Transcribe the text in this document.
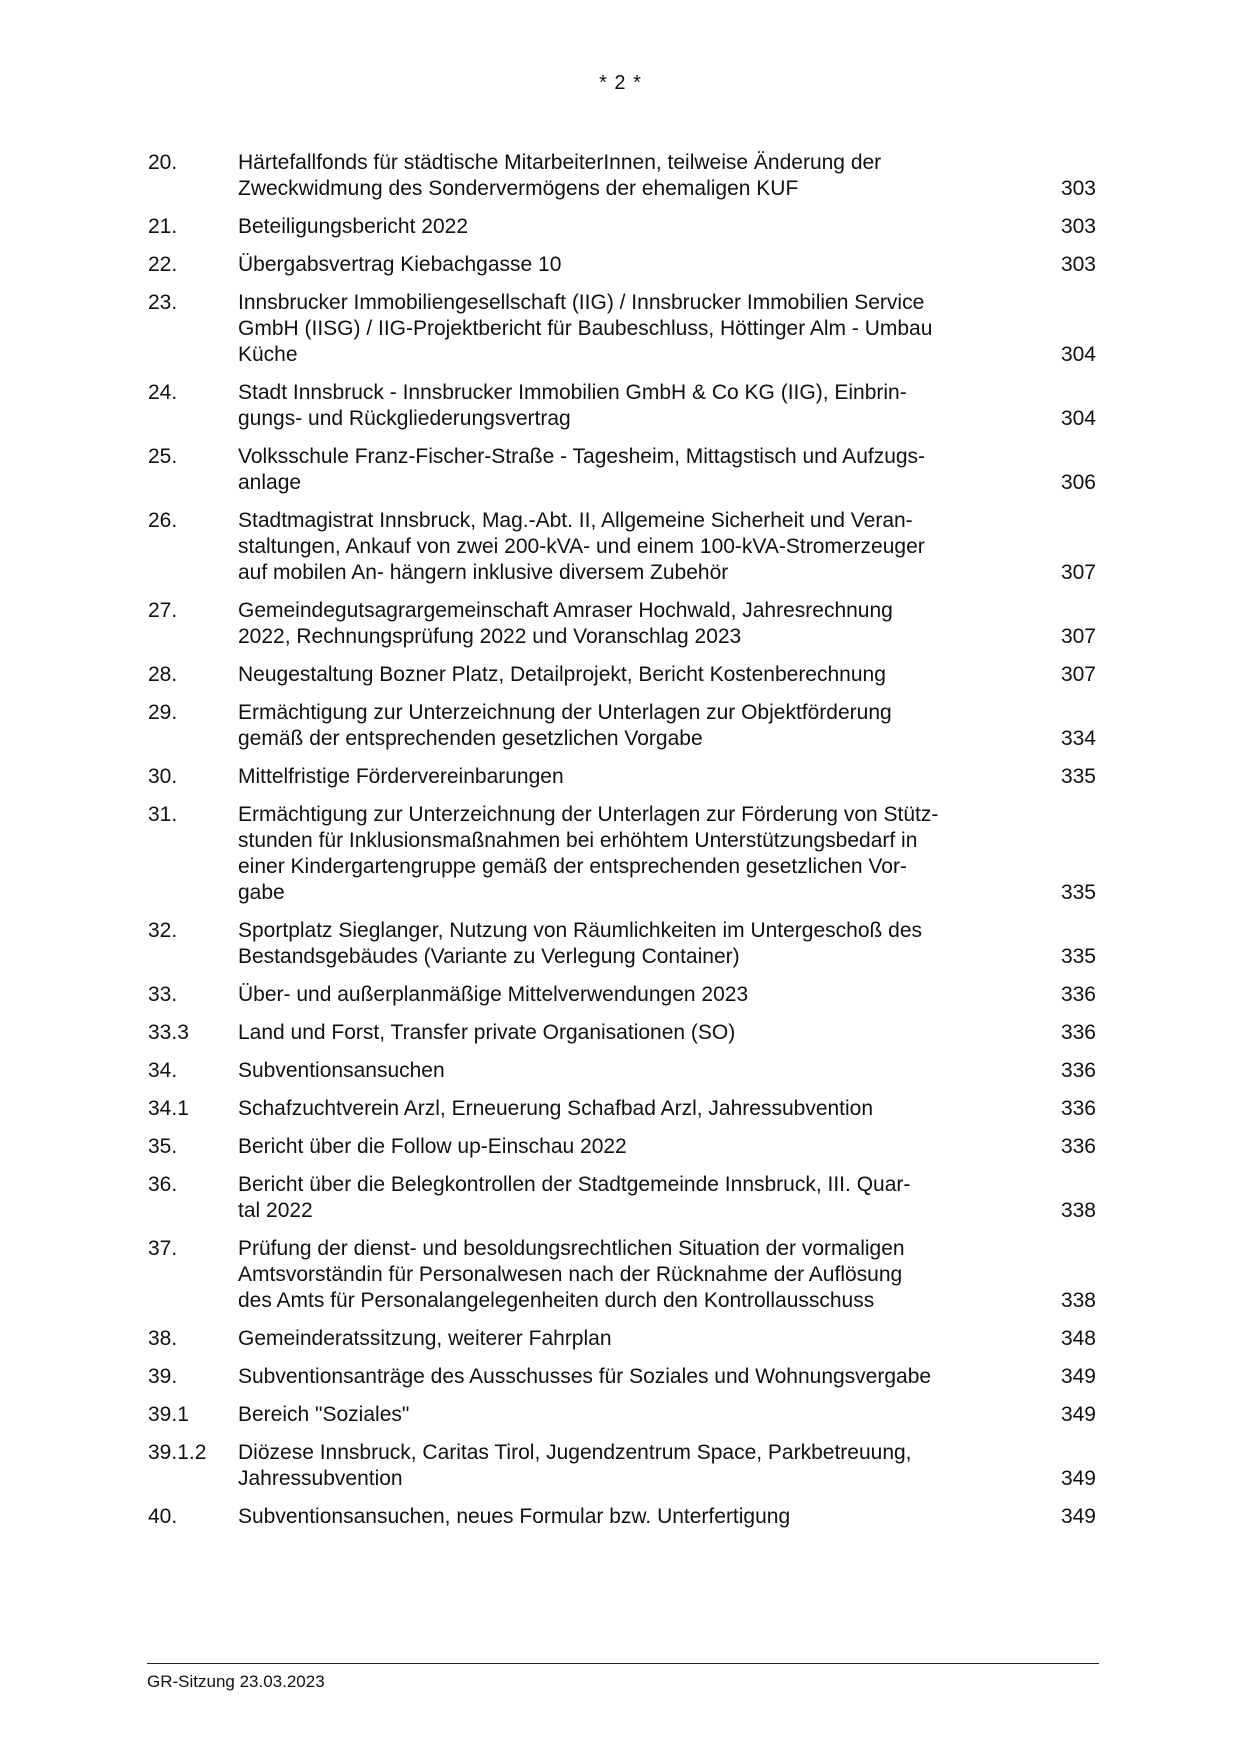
* 2 *
20.	Härtefallfonds für städtische MitarbeiterInnen, teilweise Änderung der
Zweckwidmung des Sondervermögens der ehemaligen KUF	303
21.	Beteiligungsbericht 2022	303
22.	Übergabsvertrag Kiebachgasse 10	303
23.	Innsbrucker Immobiliengesellschaft (IIG) / Innsbrucker Immobilien Service
GmbH (IISG) / IIG-Projektbericht für Baubeschluss, Höttinger Alm - Umbau
Küche	304
24.	Stadt Innsbruck - Innsbrucker Immobilien GmbH & Co KG (IIG), Einbrin-
gungs- und Rückgliederungsvertrag	304
25.	Volksschule Franz-Fischer-Straße - Tagesheim, Mittagstisch und Aufzugs-
anlage	306
26.	Stadtmagistrat Innsbruck, Mag.-Abt. II, Allgemeine Sicherheit und Veran-
staltungen, Ankauf von zwei 200-kVA- und einem 100-kVA-Stromerzeuger
auf mobilen An- hängern inklusive diversem Zubehör	307
27.	Gemeindegutsagrargemeinschaft Amraser Hochwald, Jahresrechnung
2022, Rechnungsprüfung 2022 und Voranschlag 2023	307
28.	Neugestaltung Bozner Platz, Detailprojekt, Bericht Kostenberechnung	307
29.	Ermächtigung zur Unterzeichnung der Unterlagen zur Objektförderung
gemäß der entsprechenden gesetzlichen Vorgabe	334
30.	Mittelfristige Fördervereinbarungen	335
31.	Ermächtigung zur Unterzeichnung der Unterlagen zur Förderung von Stütz-
stunden für Inklusionsmaßnahmen bei erhöhtem Unterstützungsbedarf in
einer Kindergartengruppe gemäß der entsprechenden gesetzlichen Vor-
gabe	335
32.	Sportplatz Sieglanger, Nutzung von Räumlichkeiten im Untergeschoß des
Bestandsgebäudes (Variante zu Verlegung Container)	335
33.	Über- und außerplanmäßige Mittelverwendungen 2023	336
33.3	Land und Forst, Transfer private Organisationen (SO)	336
34.	Subventionsansuchen	336
34.1	Schafzuchtverein Arzl, Erneuerung Schafbad Arzl, Jahressubvention	336
35.	Bericht über die Follow up-Einschau 2022	336
36.	Bericht über die Belegkontrollen der Stadtgemeinde Innsbruck, III. Quar-
tal 2022	338
37.	Prüfung der dienst- und besoldungsrechtlichen Situation der vormaligen
Amtsvorständin für Personalwesen nach der Rücknahme der Auflösung
des Amts für Personalangelegenheiten durch den Kontrollausschuss	338
38.	Gemeinderatssitzung, weiterer Fahrplan	348
39.	Subventionsanträge des Ausschusses für Soziales und Wohnungsvergabe	349
39.1	Bereich "Soziales"	349
39.1.2	Diözese Innsbruck, Caritas Tirol, Jugendzentrum Space, Parkbetreuung,
Jahressubvention	349
40.	Subventionsansuchen, neues Formular bzw. Unterfertigung	349
GR-Sitzung 23.03.2023
